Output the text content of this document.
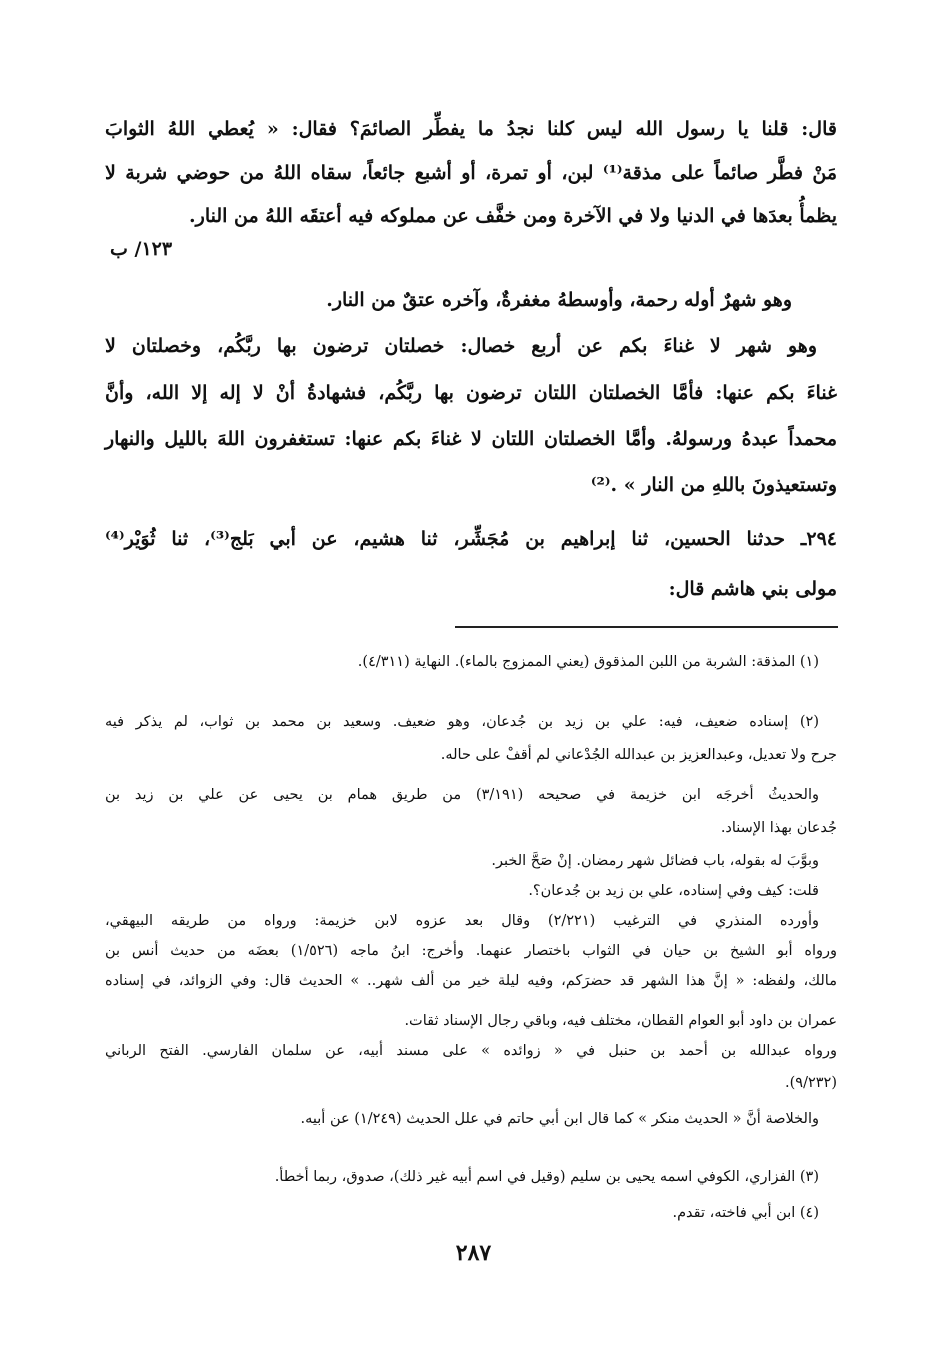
قال: قلنا يا رسول الله ليس كلنا نجدُ ما يفطِّر الصائمَ؟ فقال: « يُعطي اللهُ الثوابَ
مَنْ فطَّر صائماً على مذقة⁽¹⁾ لبن، أو تمرة، أو أشبع جائعاً، سقاه اللهُ من حوضي شربة لا
يظمأُ بعدَها في الدنيا ولا في الآخرة ومن خفَّف عن مملوكه فيه أعتقَه اللهُ من النار.
١٢٣/ ب
وهو شهرٌ أوله رحمة، وأوسطهُ مغفرةٌ، وآخره عتقٌ من النار.
وهو شهر لا غناءَ بكم عن أربع خصال: خصلتان ترضون بها ربَّكُم، وخصلتان لا
غناءَ بكم عنها: فأمَّا الخصلتان اللتان ترضون بها ربَّكُم، فشهادةُ أنْ لا إله إلا الله، وأنَّ
محمداً عبدهُ ورسولهُ. وأمَّا الخصلتان اللتان لا غناءَ بكم عنها: تستغفرون اللهَ بالليل والنهار
وتستعيذونَ باللهِ من النار » .⁽²⁾
٢٩٤ـ حدثنا الحسين، ثنا إبراهيم بن مُجَشِّر، ثنا هشيم، عن أبي بَلج⁽³⁾، ثنا ثُوَيْر⁽⁴⁾
مولى بني هاشم قال:
(١) المذقة: الشربة من اللبن المذقوق (يعني الممزوج بالماء). النهاية (٤/٣١١).
(٢) إسناده ضعيف، فيه: علي بن زيد بن جُدعان، وهو ضعيف. وسعيد بن محمد بن ثواب، لم يذكر فيه
جرح ولا تعديل، وعبدالعزيز بن عبدالله الجُدْعاني لم أقفْ على حاله.
والحديثُ أخرجَه ابن خزيمة في صحيحه (٣/١٩١) من طريق همام بن يحيى عن علي بن زيد بن
جُدعان بهذا الإسناد.
وبوَّبَ له بقوله، باب فضائل شهر رمضان. إنْ صَحَّ الخبر.
قلت: كيف وفي إسناده، علي بن زيد بن جُدعان؟.
وأورده المنذري في الترغيب (٢/٢٢١) وقال بعد عزوه لابن خزيمة: ورواه من طريقه البيهقي،
ورواه أبو الشيخ بن حيان في الثواب باختصار عنهما. وأخرج: ابنُ ماجه (١/٥٢٦) بعضَه من حديث أنس بن
مالك، ولفظه: « إنَّ هذا الشهر قد حضرَكم، وفيه ليلة خير من ألف شهر.. » الحديث قال: وفي الزوائد، في إسناده
عمران بن داود أبو العوام القطان، مختلف فيه، وباقي رجال الإسناد ثقات.
ورواه عبدالله بن أحمد بن حنبل في « زوائده » على مسند أبيه، عن سلمان الفارسي. الفتح الرباني
(٩/٢٣٢).
والخلاصة أنَّ « الحديث منكر » كما قال ابن أبي حاتم في علل الحديث (١/٢٤٩) عن أبيه.
(٣) الفزاري، الكوفي اسمه يحيى بن سليم (وقيل في اسم أبيه غير ذلك)، صدوق، ربما أخطأ.
(٤) ابن أبي فاخته، تقدم.
٢٨٧
